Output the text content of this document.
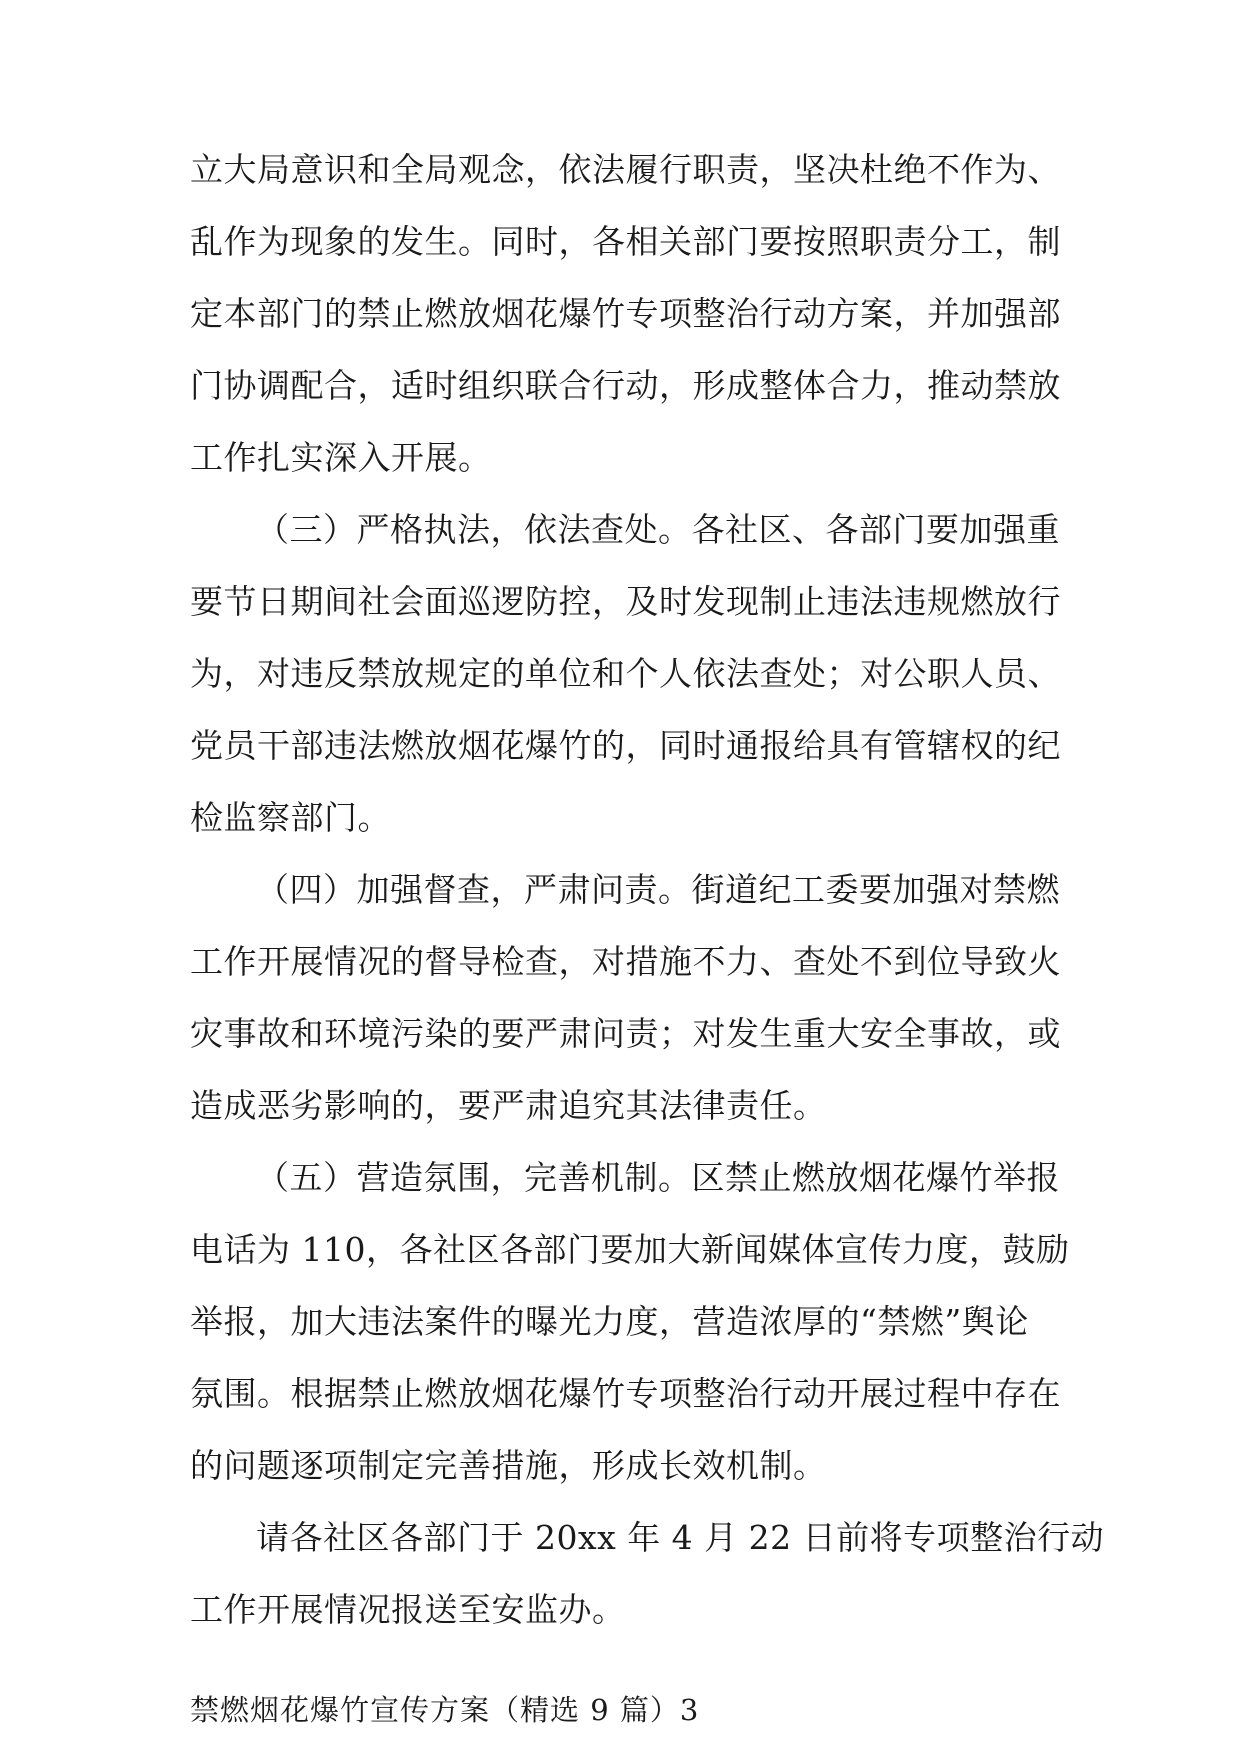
立大局意识和全局观念，依法履行职责，坚决杜绝不作为、
乱作为现象的发生。同时，各相关部门要按照职责分工，制
定本部门的禁止燃放烟花爆竹专项整治行动方案，并加强部
门协调配合，适时组织联合行动，形成整体合力，推动禁放
工作扎实深入开展。
（三）严格执法，依法查处。各社区、各部门要加强重
要节日期间社会面巡逻防控，及时发现制止违法违规燃放行
为，对违反禁放规定的单位和个人依法查处；对公职人员、
党员干部违法燃放烟花爆竹的，同时通报给具有管辖权的纪
检监察部门。
（四）加强督查，严肃问责。街道纪工委要加强对禁燃
工作开展情况的督导检查，对措施不力、查处不到位导致火
灾事故和环境污染的要严肃问责；对发生重大安全事故，或
造成恶劣影响的，要严肃追究其法律责任。
（五）营造氛围，完善机制。区禁止燃放烟花爆竹举报
电话为 110，各社区各部门要加大新闻媒体宣传力度，鼓励
举报，加大违法案件的曝光力度，营造浓厚的“禁燃”舆论
氛围。根据禁止燃放烟花爆竹专项整治行动开展过程中存在
的问题逐项制定完善措施，形成长效机制。
请各社区各部门于 20xx 年 4 月 22 日前将专项整治行动
工作开展情况报送至安监办。
禁燃烟花爆竹宣传方案（精选 9 篇）3
